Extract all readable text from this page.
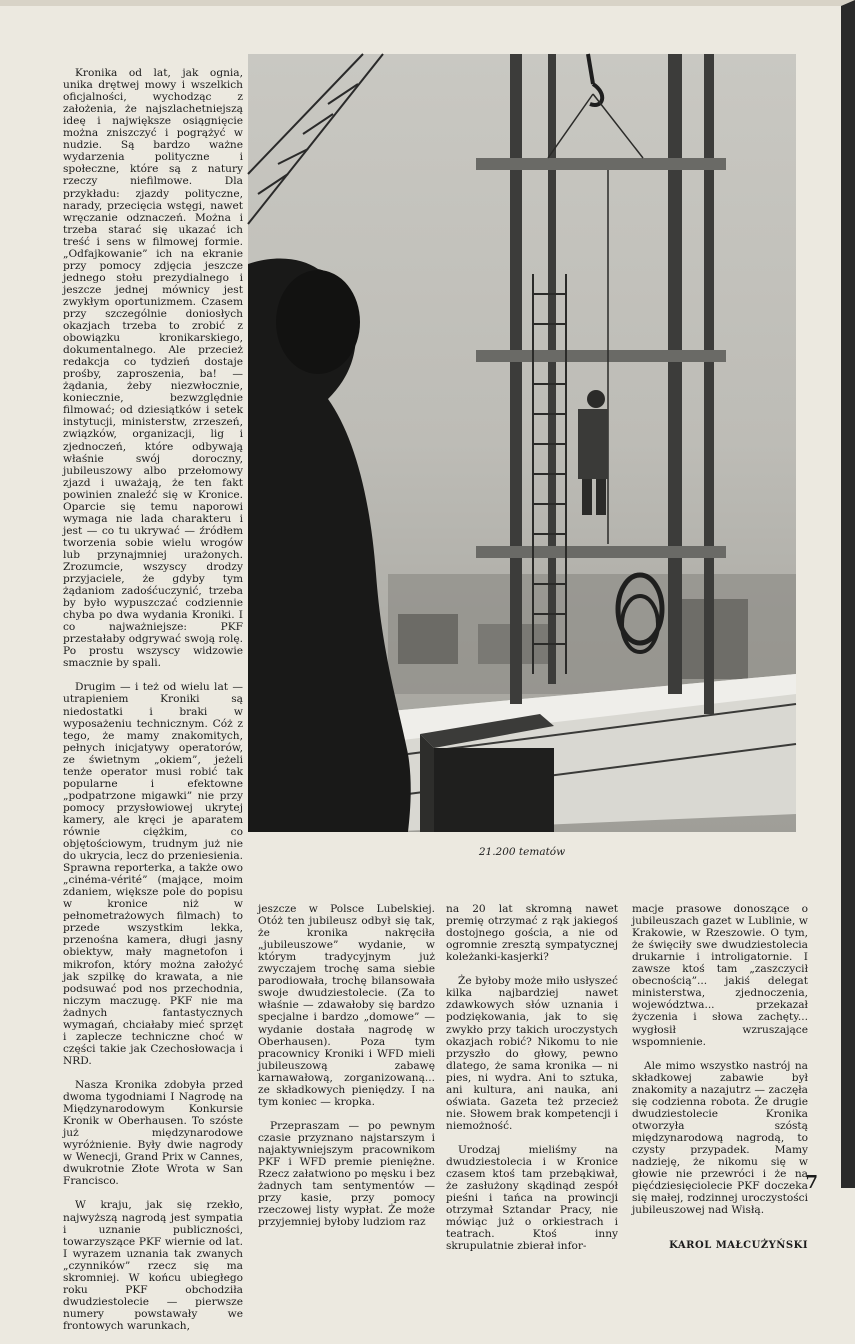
Kronika od lat, jak ognia, unika drętwej mowy i wszelkich oficjalności, wychodząc z założenia, że najszlachetniejszą ideę i największe osiągnięcie można zniszczyć i pogrążyć w nudzie. Są bardzo ważne wydarzenia polityczne i społeczne, które są z natury rzeczy niefilmowe. Dla przykładu: zjazdy polityczne, narady, przecięcia wstęgi, nawet wręczanie odznaczeń. Można i trzeba starać się ukazać ich treść i sens w filmowej formie. „Odfajkowanie” ich na ekranie przy pomocy zdjęcia jeszcze jednego stołu prezydialnego i jeszcze jednej mównicy jest zwykłym oportunizmem. Czasem przy szczególnie doniosłych okazjach trzeba to zrobić z obowiązku kronikarskiego, dokumentalnego. Ale przecież redakcja co tydzień dostaje prośby, zaproszenia, ba! — żądania, żeby niezwłocznie, koniecznie, bezwzględnie filmować; od dziesiątków i setek instytucji, ministerstw, zrzeszeń, związków, organizacji, lig i zjednoczeń, które odbywają właśnie swój doroczny, jubileuszowy albo przełomowy zjazd i uważają, że ten fakt powinien znaleźć się w Kronice. Oparcie się temu naporowi wymaga nie lada charakteru i jest — co tu ukrywać — źródłem tworzenia sobie wielu wrogów lub przynajmniej urażonych. Zrozumcie, wszyscy drodzy przyjaciele, że gdyby tym żądaniom zadośćuczynić, trzeba by było wypuszczać codziennie chyba po dwa wydania Kroniki. I co najważniejsze: PKF przestałaby odgrywać swoją rolę. Po prostu wszyscy widzowie smacznie by spali.

Drugim — i też od wielu lat — utrapieniem Kroniki są niedostatki i braki w wyposażeniu technicznym. Cóż z tego, że mamy znakomitych, pełnych inicjatywy operatorów, ze świetnym „okiem”, jeżeli tenże operator musi robić tak popularne i efektowne „podpatrzone migawki” nie przy pomocy przysłowiowej ukrytej kamery, ale kręci je aparatem równie ciężkim, co objętościowym, trudnym już nie do ukrycia, lecz do przeniesienia. Sprawna reporterka, a także owo „cinéma-vérité” (mające, moim zdaniem, większe pole do popisu w kronice niż w pełnometrażowych filmach) to przede wszystkim lekka, przenośna kamera, długi jasny obiektyw, mały magnetofon i mikrofon, który można założyć jak szpilkę do krawata, a nie podsuwać pod nos przechodnia, niczym maczugę. PKF nie ma żadnych fantastycznych wymagań, chciałaby mieć sprzęt i zaplecze techniczne choć w części takie jak Czechosłowacja i NRD.

Nasza Kronika zdobyła przed dwoma tygodniami I Nagrodę na Międzynarodowym Konkursie Kronik w Oberhausen. To szóste już międzynarodowe wyróżnienie. Były dwie nagrody w Wenecji, Grand Prix w Cannes, dwukrotnie Złote Wrota w San Francisco.

W kraju, jak się rzekło, najwyższą nagrodą jest sympatia i uznanie publiczności, towarzyszące PKF wiernie od lat. I wyrazem uznania tak zwanych „czynników” rzecz się ma skromniej. W końcu ubiegłego roku PKF obchodziła dwudziestolecie — pierwsze numery powstawały we frontowych warunkach,

21.200 tematów

jeszcze w Polsce Lubelskiej. Otóż ten jubileusz odbył się tak, że kronika nakręciła „jubileuszowe” wydanie, w którym tradycyjnym już zwyczajem trochę sama siebie parodiowała, trochę bilansowała swoje dwudziestolecie. (Za to właśnie — zdawałoby się bardzo specjalne i bardzo „domowe” — wydanie dostała nagrodę w Oberhausen). Poza tym pracownicy Kroniki i WFD mieli jubileuszową zabawę karnawałową, zorganizowaną... ze składkowych pieniędzy. I na tym koniec — kropka.

Przepraszam — po pewnym czasie przyznano najstarszym i najaktywniejszym pracownikom PKF i WFD premie pieniężne. Rzecz załatwiono po męsku i bez żadnych tam sentymentów — przy kasie, przy pomocy rzeczowej listy wypłat. Że może przyjemniej byłoby ludziom raz

na 20 lat skromną nawet premię otrzymać z rąk jakiegoś dostojnego gościa, a nie od ogromnie zresztą sympatycznej koleżanki-kasjerki?

Że byłoby może miło usłyszeć kilka najbardziej nawet zdawkowych słów uznania i podziękowania, jak to się zwykło przy takich uroczystych okazjach robić? Nikomu to nie przyszło do głowy, pewno dlatego, że sama kronika — ni pies, ni wydra. Ani to sztuka, ani kultura, ani nauka, ani oświata. Gazeta też przecież nie. Słowem brak kompetencji i niemożność.

Urodzaj mieliśmy na dwudziestolecia i w Kronice czasem ktoś tam przebąkiwał, że zasłużony skądinąd zespół pieśni i tańca na prowincji otrzymał Sztandar Pracy, nie mówiąc już o orkiestrach i teatrach. Ktoś inny skrupulatnie zbierał infor-

macje prasowe donoszące o jubileuszach gazet w Lublinie, w Krakowie, w Rzeszowie. O tym, że święciły swe dwudziestolecia drukarnie i introligatornie. I zawsze ktoś tam „zaszczycił obecnością”... jakiś delegat ministerstwa, zjednoczenia, województwa... przekazał życzenia i słowa zachęty... wygłosił wzruszające wspomnienie.

Ale mimo wszystko nastrój na składkowej zabawie był znakomity a nazajutrz — zaczęła się codzienna robota. Że drugie dwudziestolecie Kronika otworzyła szóstą międzynarodową nagrodą, to czysty przypadek. Mamy nadzieję, że nikomu się w głowie nie przewróci i że na pięćdziesięciolecie PKF doczeka się małej, rodzinnej uroczystości jubileuszowej nad Wisłą.

KAROL MAŁCUŻYŃSKI

7
